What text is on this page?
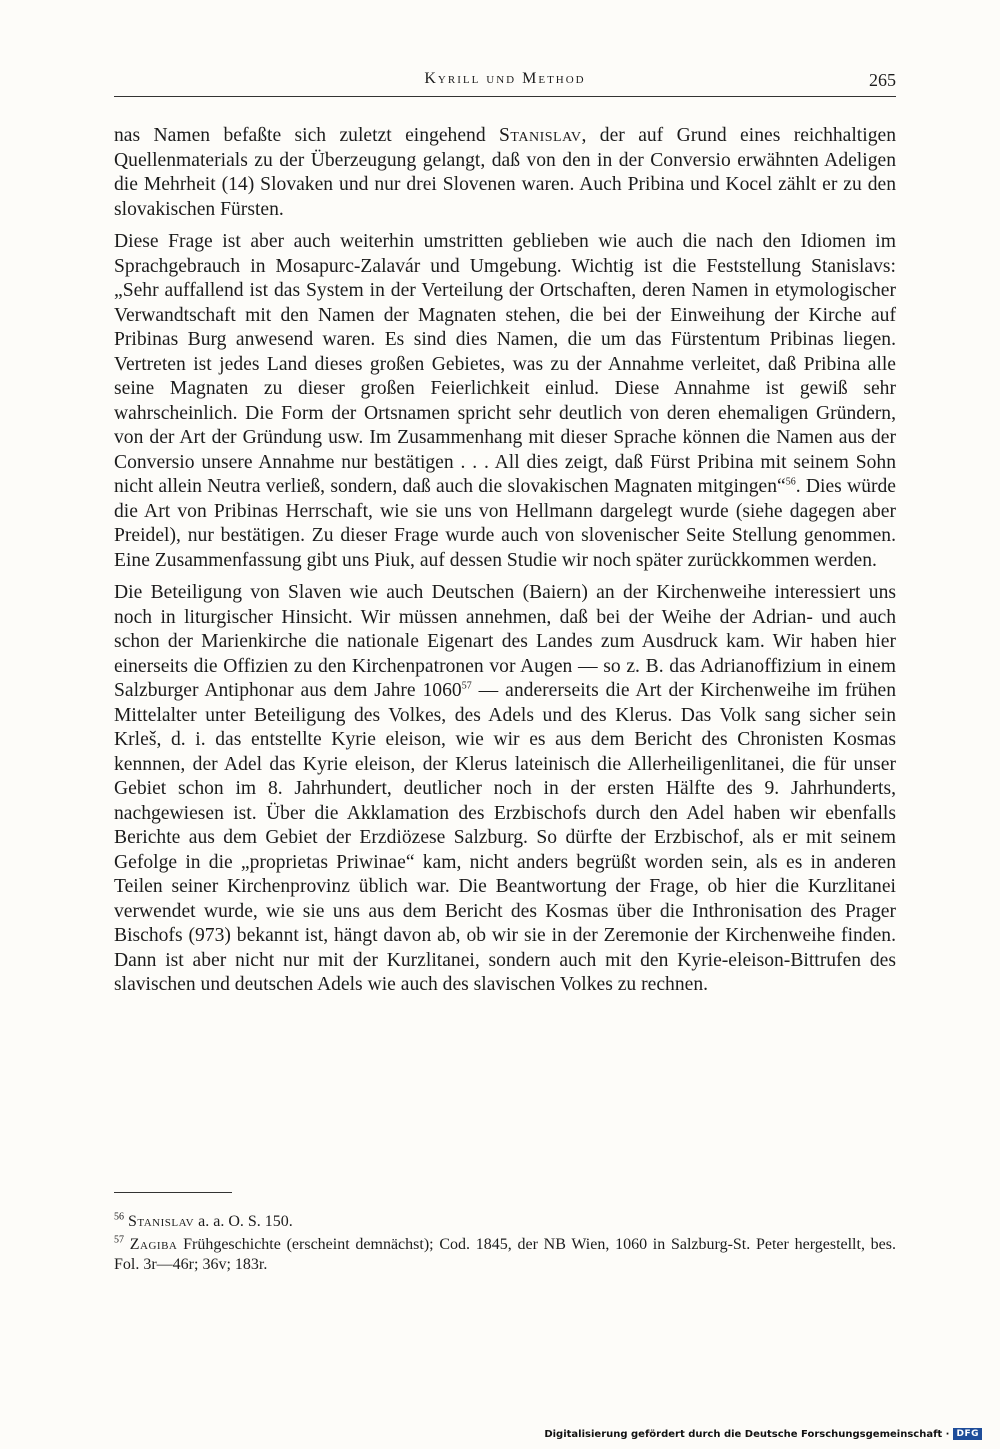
Kyrill und Method	265

nas Namen befaßte sich zuletzt eingehend Stanislav, der auf Grund eines reichhaltigen Quellenmaterials zu der Überzeugung gelangt, daß von den in der Conversio erwähnten Adeligen die Mehrheit (14) Slovaken und nur drei Slovenen waren. Auch Pribina und Kocel zählt er zu den slovakischen Fürsten.

Diese Frage ist aber auch weiterhin umstritten geblieben wie auch die nach den Idiomen im Sprachgebrauch in Mosapurc-Zalavár und Umgebung. Wichtig ist die Feststellung Stanislavs: „Sehr auffallend ist das System in der Verteilung der Ortschaften, deren Namen in etymologischer Verwandtschaft mit den Namen der Magnaten stehen, die bei der Einweihung der Kirche auf Pribinas Burg anwesend waren. Es sind dies Namen, die um das Fürstentum Pribinas liegen. Vertreten ist jedes Land dieses großen Gebietes, was zu der Annahme verleitet, daß Pribina alle seine Magnaten zu dieser großen Feierlichkeit einlud. Diese Annahme ist gewiß sehr wahrscheinlich. Die Form der Ortsnamen spricht sehr deutlich von deren ehemaligen Gründern, von der Art der Gründung usw. Im Zusammenhang mit dieser Sprache können die Namen aus der Conversio unsere Annahme nur bestätigen . . . All dies zeigt, daß Fürst Pribina mit seinem Sohn nicht allein Neutra verließ, sondern, daß auch die slovakischen Magnaten mitgingen“$^{56}$. Dies würde die Art von Pribinas Herrschaft, wie sie uns von Hellmann dargelegt wurde (siehe dagegen aber Preidel), nur bestätigen. Zu dieser Frage wurde auch von slovenischer Seite Stellung genommen. Eine Zusammenfassung gibt uns Piuk, auf dessen Studie wir noch später zurückkommen werden.

Die Beteiligung von Slaven wie auch Deutschen (Baiern) an der Kirchenweihe interessiert uns noch in liturgischer Hinsicht. Wir müssen annehmen, daß bei der Weihe der Adrian- und auch schon der Marienkirche die nationale Eigenart des Landes zum Ausdruck kam. Wir haben hier einerseits die Offizien zu den Kirchenpatronen vor Augen — so z. B. das Adrianoffizium in einem Salzburger Antiphonar aus dem Jahre 1060$^{57}$ — andererseits die Art der Kirchenweihe im frühen Mittelalter unter Beteiligung des Volkes, des Adels und des Klerus. Das Volk sang sicher sein Krleš, d. i. das entstellte Kyrie eleison, wie wir es aus dem Bericht des Chronisten Kosmas kennnen, der Adel das Kyrie eleison, der Klerus lateinisch die Allerheiligenlitanei, die für unser Gebiet schon im 8. Jahrhundert, deutlicher noch in der ersten Hälfte des 9. Jahrhunderts, nachgewiesen ist. Über die Akklamation des Erzbischofs durch den Adel haben wir ebenfalls Berichte aus dem Gebiet der Erzdiözese Salzburg. So dürfte der Erzbischof, als er mit seinem Gefolge in die „proprietas Priwinae“ kam, nicht anders begrüßt worden sein, als es in anderen Teilen seiner Kirchenprovinz üblich war. Die Beantwortung der Frage, ob hier die Kurzlitanei verwendet wurde, wie sie uns aus dem Bericht des Kosmas über die Inthronisation des Prager Bischofs (973) bekannt ist, hängt davon ab, ob wir sie in der Zeremonie der Kirchenweihe finden. Dann ist aber nicht nur mit der Kurzlitanei, sondern auch mit den Kyrie-eleison-Bittrufen des slavischen und deutschen Adels wie auch des slavischen Volkes zu rechnen.

$^{56}$ Stanislav a. a. O. S. 150.
$^{57}$ Zagiba Frühgeschichte (erscheint demnächst); Cod. 1845, der NB Wien, 1060 in Salzburg-St. Peter hergestellt, bes. Fol. 3r—46r; 36v; 183r.
Digitalisierung gefördert durch die Deutsche Forschungsgemeinschaft · DFG
